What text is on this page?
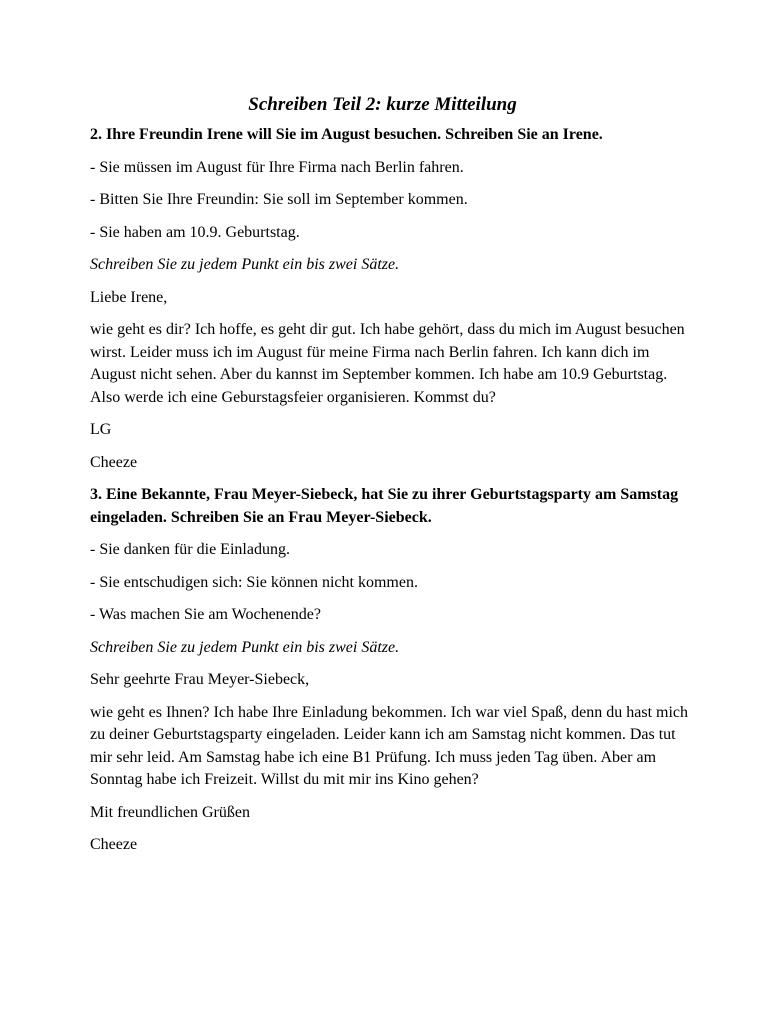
Schreiben Teil 2: kurze Mitteilung

2. Ihre Freundin Irene will Sie im August besuchen. Schreiben Sie an Irene.

- Sie müssen im August für Ihre Firma nach Berlin fahren.

- Bitten Sie Ihre Freundin: Sie soll im September kommen.

- Sie haben am 10.9. Geburtstag.

Schreiben Sie zu jedem Punkt ein bis zwei Sätze.

Liebe Irene,

wie geht es dir? Ich hoffe, es geht dir gut. Ich habe gehört, dass du mich im August besuchen wirst. Leider muss ich im August für meine Firma nach Berlin fahren. Ich kann dich im August nicht sehen. Aber du kannst im September kommen. Ich habe am 10.9 Geburtstag. Also werde ich eine Geburstagsfeier organisieren. Kommst du?

LG

Cheeze

3. Eine Bekannte, Frau Meyer-Siebeck, hat Sie zu ihrer Geburtstagsparty am Samstag eingeladen. Schreiben Sie an Frau Meyer-Siebeck.

- Sie danken für die Einladung.

- Sie entschudigen sich: Sie können nicht kommen.

- Was machen Sie am Wochenende?

Schreiben Sie zu jedem Punkt ein bis zwei Sätze.

Sehr geehrte Frau Meyer-Siebeck,

wie geht es Ihnen? Ich habe Ihre Einladung bekommen. Ich war viel Spaß, denn du hast mich zu deiner Geburtstagsparty eingeladen. Leider kann ich am Samstag nicht kommen. Das tut mir sehr leid. Am Samstag habe ich eine B1 Prüfung. Ich muss jeden Tag üben. Aber am Sonntag habe ich Freizeit. Willst du mit mir ins Kino gehen?

Mit freundlichen Grüßen

Cheeze
